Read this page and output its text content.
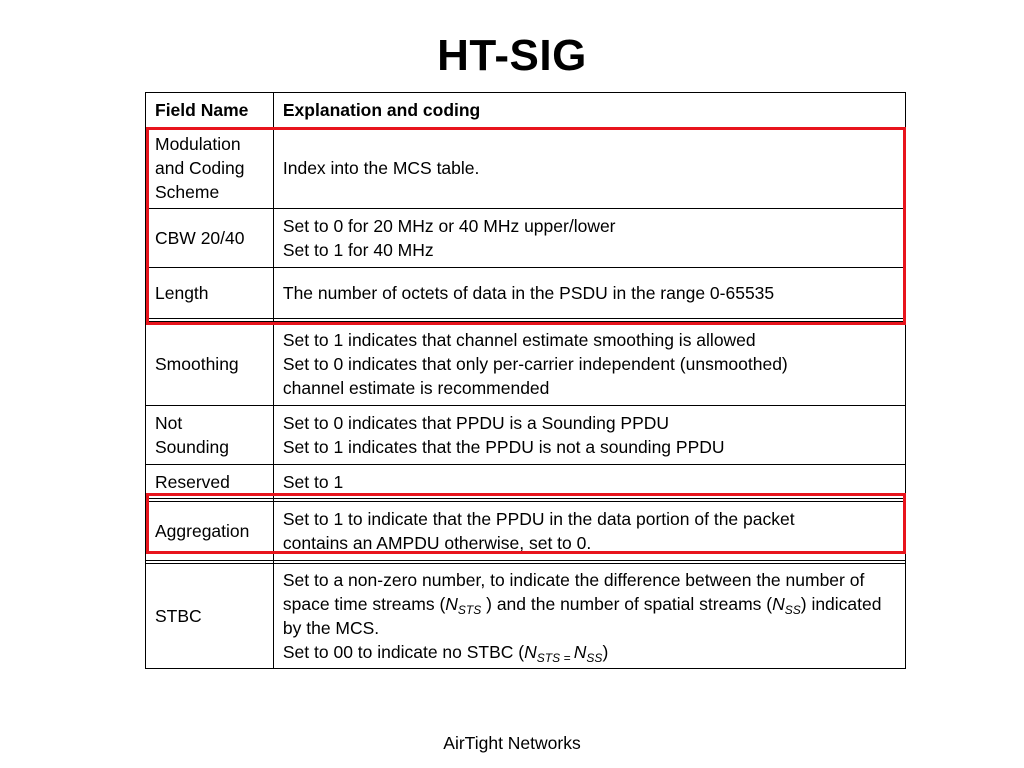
HT-SIG
Field Name	Explanation and coding

Modulation
and Coding
Scheme	Index into the MCS table.

CBW 20/40	Set to 0 for 20 MHz or 40 MHz upper/lower
Set to 1 for 40 MHz

Length	The number of octets of data in the PSDU in the range 0-65535

Smoothing	Set to 1 indicates that channel estimate smoothing is allowed
Set to 0 indicates that only per-carrier independent (unsmoothed)
channel estimate is recommended

Not
Sounding	Set to 0 indicates that PPDU is a Sounding PPDU
Set to 1 indicates that the PPDU is not a sounding PPDU

Reserved	Set to 1

Aggregation	Set to 1 to indicate that the PPDU in the data portion of the packet
contains an AMPDU otherwise, set to 0.

STBC	Set to a non-zero number, to indicate the difference between the number of space time streams ($N_{STS}$ ) and the number of spatial streams $(N_{SS})$ indicated by the MCS.
Set to 00 to indicate no STBC ($N_{STS =}$ $N_{SS}$)
AirTight Networks
